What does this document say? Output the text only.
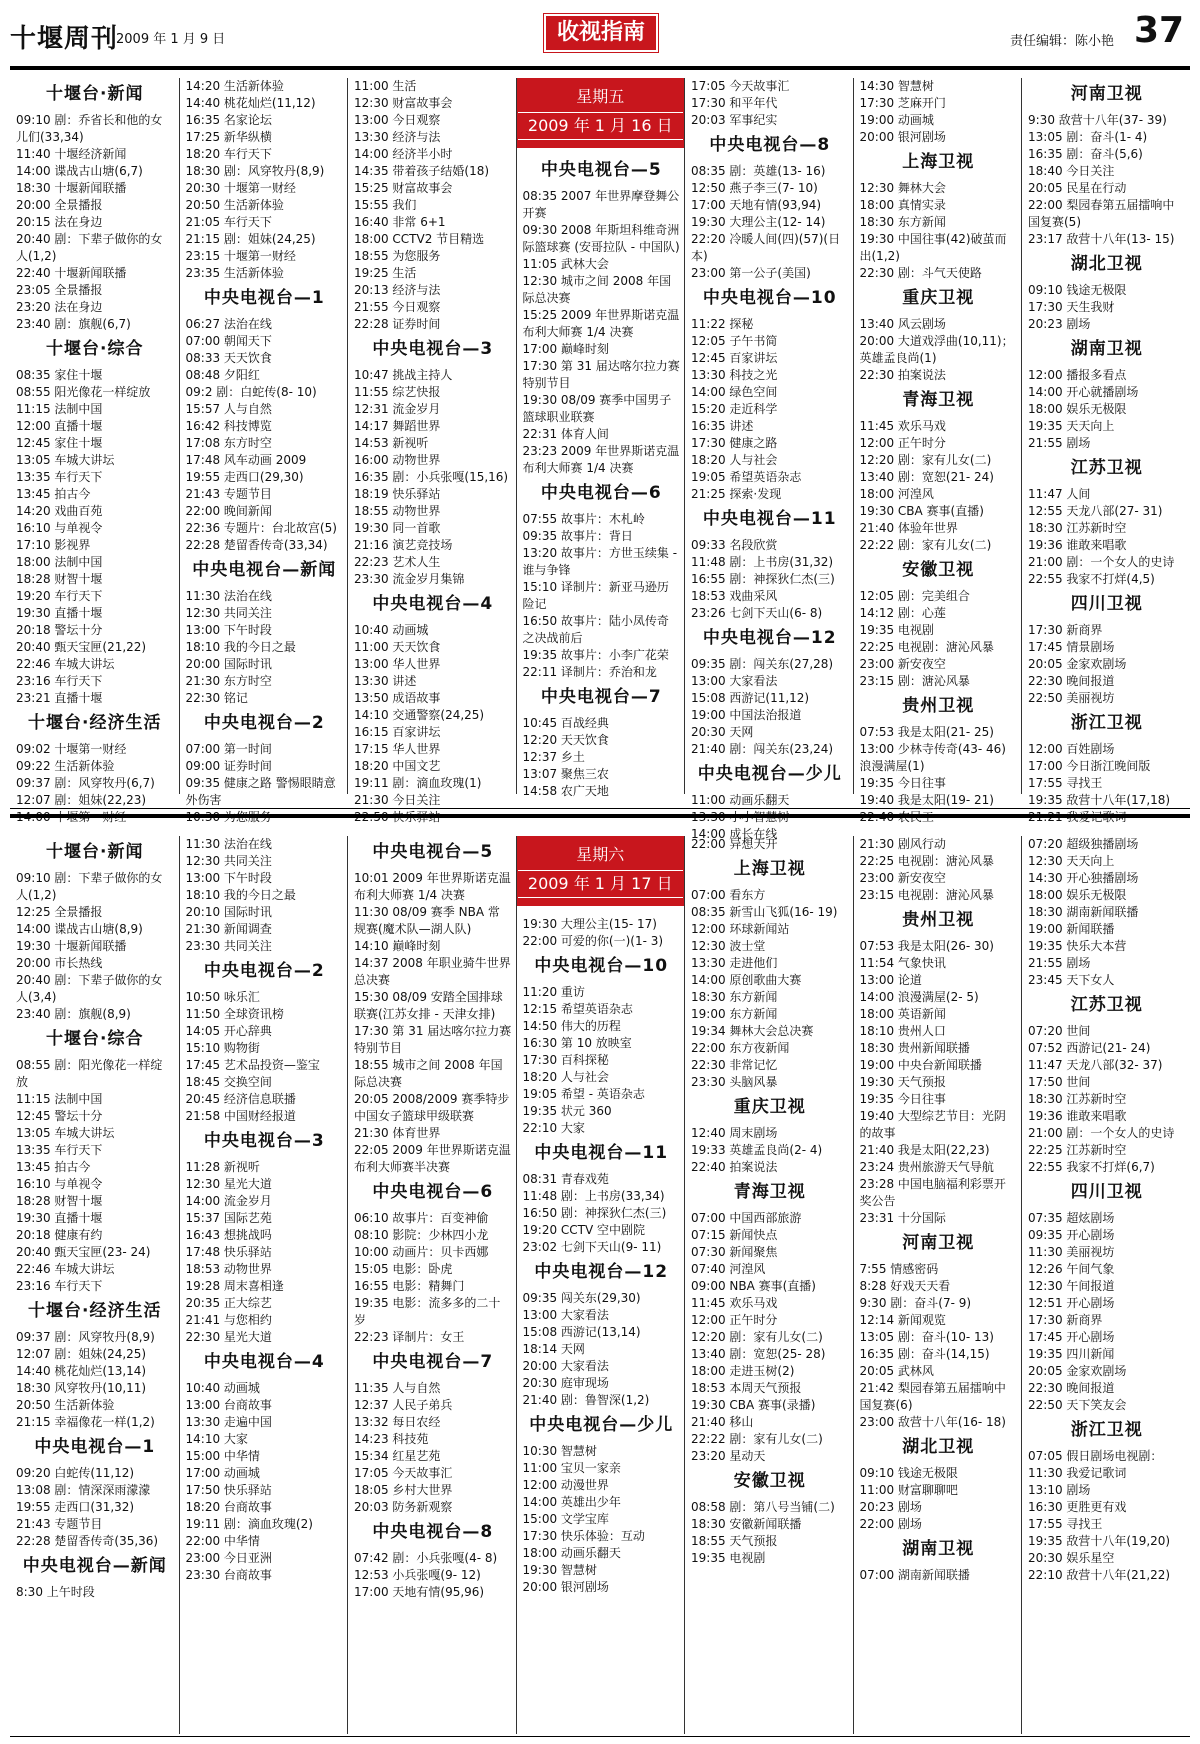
十堰周刊
2009 年 1 月 9 日	收视指南	责任编辑：陈小艳 37
十堰台·新闻
09:10 剧：乔省长和他的女儿们(33,34)
11:40 十堰经济新闻
14:00 谍战古山塘(6,7)
18:30 十堰新闻联播
20:00 全景播报
20:15 法在身边
20:40 剧：下辈子做你的女人(1,2)
22:40 十堰新闻联播
23:05 全景播报
23:20 法在身边
23:40 剧：旗舰(6,7)
十堰台·综合
08:35 家住十堰
08:55 阳光像花一样绽放
11:15 法制中国
12:00 直播十堰
12:45 家住十堰
13:05 车城大讲坛
13:35 车行天下
13:45 拍古今
14:20 戏曲百苑
16:10 与单视令
17:10 影视界
18:00 法制中国
18:28 财智十堰
19:20 车行天下
19:30 直播十堰
20:18 警坛十分
20:40 甄天宝匣(21,22)
22:46 车城大讲坛
23:16 车行天下
23:21 直播十堰
十堰台·经济生活
09:02 十堰第一财经
09:22 生活新体验
09:37 剧：风穿牧丹(6,7)
12:07 剧：姐妹(22,23)
14:20 生活新体验
14:40 桃花灿烂(11,12)
16:35 名家论坛
17:25 新华纵横
18:20 车行天下
18:30 剧：风穿牧丹(8,9)
20:30 十堰第一财经
20:50 生活新体验
21:05 车行天下
21:15 剧：姐妹(24,25)
23:15 十堰第一财经
23:35 生活新体验
中央电视台—1
06:27 法治在线
07:00 朝闻天下
08:33 天天饮食
08:48 夕阳红
09:2 剧：白蛇传(8- 10)
15:57 人与自然
16:42 科技博览
17:08 东方时空
17:48 风车动画 2009
19:55 走西口(29,30)
21:43 专题节目
22:00 晚间新闻
22:36 专题片：台北故宫(5)
22:28 楚留香传奇(33,34)
中央电视台—新闻
11:30 法治在线
12:30 共同关注
13:00 下午时段
18:10 我的今日之最
20:00 国际时讯
21:30 东方时空
22:30 铭记
中央电视台—2
07:00 第一时间
09:00 证券时间
09:35 健康之路 警惕眼睛意外伤害
11:00 生活
12:30 财富故事会
13:00 今日观察
13:30 经济与法
14:00 经济半小时
14:35 带着孩子结婚(18)
15:25 财富故事会
15:55 我们
16:40 非常 6+1
18:00 CCTV2 节目精选
18:55 为您服务
19:25 生活
20:13 经济与法
21:55 今日观察
22:28 证券时间
中央电视台—3
10:47 挑战主持人
11:55 综艺快报
12:31 流金岁月
14:17 舞蹈世界
14:53 新视听
16:00 动物世界
16:35 剧：小兵张嘎(15,16)
18:19 快乐驿站
18:55 动物世界
19:30 同一首歌
21:16 演艺竞技场
22:23 艺术人生
23:30 流金岁月集锦
中央电视台—4
10:40 动画城
11:00 天天饮食
13:00 华人世界
13:30 讲述
13:50 成语故事
14:10 交通警察(24,25)
16:15 百家讲坛
17:15 华人世界
18:20 中国文艺
19:11 剧：滴血玫瑰(1)
21:30 今日关注
星期五
2009 年 1 月 16 日
中央电视台—5
08:35 2007 年世界摩登舞公开赛
09:30 2008 年斯坦科维奇洲际篮球赛 (安哥拉队 - 中国队)
11:05 武林大会
12:30 城市之间 2008 年国际总决赛
15:25 2009 年世界斯诺克温布利大师赛 1/4 决赛
17:00 巅峰时刻
17:30 第 31 届达喀尔拉力赛特别节目
19:30 08/09 赛季中国男子篮球职业联赛
22:31 体育人间
23:23 2009 年世界斯诺克温布利大师赛 1/4 决赛
中央电视台—6
07:55 故事片：木札岭
09:35 故事片：背日
13:20 故事片：方世玉续集 - 谁与争锋
15:10 译制片：新亚马逊历险记
16:50 故事片：陆小凤传奇之决战前后
19:35 故事片：小李广花荣
22:11 译制片：乔治和龙
中央电视台—7
10:45 百战经典
12:20 天天饮食
12:37 乡土
13:07 聚焦三农
14:58 农广天地
17:05 今天故事汇
17:30 和平年代
20:03 军事纪实
中央电视台—8
08:35 剧：英雄(13- 16)
12:50 燕子李三(7- 10)
17:00 天地有情(93,94)
19:30 大理公主(12- 14)
22:20 冷暖人间(四)(57)(日本)
23:00 第一公子(美国)
中央电视台—10
11:22 探秘
12:05 子午书简
12:45 百家讲坛
13:30 科技之光
14:00 绿色空间
15:20 走近科学
16:35 讲述
17:30 健康之路
18:20 人与社会
19:05 希望英语杂志
21:25 探索·发现
中央电视台—11
09:33 名段欣赏
11:48 剧：上书房(31,32)
16:55 剧：神探狄仁杰(三)
18:53 戏曲采风
23:26 七剑下天山(6- 8)
中央电视台—12
09:35 剧：闯关东(27,28)
13:00 大家看法
15:08 西游记(11,12)
19:00 中国法治报道
20:30 天网
21:40 剧：闯关东(23,24)
中央电视台—少儿
11:00 动画乐翻天
14:00 成长在线
14:30 智慧树
17:30 芝麻开门
19:00 动画城
20:00 银河剧场
上海卫视
12:30 舞林大会
18:00 真情实录
18:30 东方新闻
19:30 中国往事(42)破茧而出(1,2)
22:30 剧：斗气天使路
重庆卫视
13:40 风云剧场
20:00 大道戏浮曲(10,11)；英雄孟良尚(1)
22:30 拍案说法
青海卫视
11:45 欢乐马戏
12:00 正午时分
12:20 剧：家有儿女(二)
13:40 剧：宽恕(21- 24)
18:00 河湟风
19:30 CBA 赛事(直播)
21:40 体验年世界
22:22 剧：家有儿女(二)
安徽卫视
12:05 剧：完美组合
14:12 剧：心莲
19:35 电视剧
22:25 电视剧：溏沁风暴
23:00 新安夜空
23:15 剧：溏沁风暴
贵州卫视
07:53 我是太阳(21- 25)
13:00 少林寺传奇(43- 46)浪漫满屋(1)
19:35 今日往事
19:40 我是太阳(19- 21)
河南卫视
9:30 敌营十八年(37- 39)
13:05 剧：奋斗(1- 4)
16:35 剧：奋斗(5,6)
18:40 今日关注
20:05 民星在行动
22:00 梨园春第五届擂响中国复赛(5)
23:17 敌营十八年(13- 15)
湖北卫视
09:10 钱途无极限
17:30 天生我财
20:23 剧场
湖南卫视
12:00 播报多看点
14:00 开心就播剧场
18:00 娱乐无极限
19:35 天天向上
21:55 剧场
江苏卫视
11:47 人间
12:55 天龙八部(27- 31)
18:30 江苏新时空
19:36 谁敢来唱歌
21:00 剧：一个女人的史诗
22:55 我家不打烊(4,5)
四川卫视
17:30 新商界
17:45 情景剧场
20:05 金家欢剧场
22:30 晚间报道
22:50 美丽视坊
浙江卫视
12:00 百姓剧场
17:00 今日浙江晚间版
17:55 寻找王
19:35 敌营十八年(17,18)
十堰台·新闻
09:10 剧：下辈子做你的女人(1,2)
12:25 全景播报
14:00 谍战古山塘(8,9)
19:30 十堰新闻联播
20:00 市长热线
20:40 剧：下辈子做你的女人(3,4)
23:40 剧：旗舰(8,9)
十堰台·综合
08:55 剧：阳光像花一样绽放
11:15 法制中国
12:45 警坛十分
13:05 车城大讲坛
13:35 车行天下
13:45 拍古今
16:10 与单视令
18:28 财智十堰
19:30 直播十堰
20:18 健康有约
20:40 甄天宝匣(23- 24)
22:46 车城大讲坛
23:16 车行天下
十堰台·经济生活
09:37 剧：风穿牧丹(8,9)
12:07 剧：姐妹(24,25)
14:40 桃花灿烂(13,14)
18:30 风穿牧丹(10,11)
20:50 生活新体验
21:15 幸福像花一样(1,2)
中央电视台—1
09:20 白蛇传(11,12)
13:08 剧：情深深雨濛濛
19:55 走西口(31,32)
21:43 专题节目
22:28 楚留香传奇(35,36)
中央电视台—新闻
8:30 上午时段
11:30 法治在线
12:30 共同关注
13:00 下午时段
18:10 我的今日之最
20:10 国际时讯
21:30 新闻调查
23:30 共同关注
中央电视台—2
10:50 咏乐汇
11:50 全球资讯榜
14:05 开心辞典
15:10 购物街
17:45 艺术品投资—鉴宝
18:45 交换空间
20:45 经济信息联播
21:58 中国财经报道
中央电视台—3
11:28 新视听
12:30 星光大道
14:00 流金岁月
15:37 国际艺苑
16:43 想挑战吗
17:48 快乐驿站
18:53 动物世界
19:28 周末喜相逢
20:35 正大综艺
21:41 与您相约
22:30 星光大道
中央电视台—4
10:40 动画城
13:00 台商故事
13:30 走遍中国
14:10 大家
15:00 中华情
17:00 动画城
17:50 快乐驿站
18:20 台商故事
19:11 剧：滴血玫瑰(2)
22:00 中华情
23:00 今日亚洲
23:30 台商故事
中央电视台—5
10:01 2009 年世界斯诺克温布利大师赛 1/4 决赛
11:30 08/09 赛季 NBA 常规赛(魔术队—湖人队)
14:10 巅峰时刻
14:37 2008 年职业骑牛世界总决赛
15:30 08/09 安踏全国排球联赛(江苏女排 - 天津女排)
17:30 第 31 届达喀尔拉力赛特别节目
18:55 城市之间 2008 年国际总决赛
20:05 2008/2009 赛季特步中国女子篮球甲级联赛
21:30 体育世界
22:05 2009 年世界斯诺克温布利大师赛半决赛
中央电视台—6
06:10 故事片：百变神偷
08:10 影院：少林四小龙
10:00 动画片：贝卡西娜
15:05 电影：卧虎
16:55 电影：精舞门
19:35 电影：流多多的二十岁
22:23 译制片：女王
中央电视台—7
11:35 人与自然
12:37 人民子弟兵
13:32 每日农经
14:23 科技苑
15:34 红星艺苑
17:05 今天故事汇
18:05 乡村大世界
20:03 防务新观察
中央电视台—8
07:42 剧：小兵张嘎(4- 8)
12:53 小兵张嘎(9- 12)
17:00 天地有情(95,96)
星期六
2009 年 1 月 17 日
19:30 大理公主(15- 17)
22:00 可爱的你(一)(1- 3)
中央电视台—10
11:20 重访
12:15 希望英语杂志
14:50 伟大的历程
16:30 第 10 放映室
17:30 百科探秘
18:20 人与社会
19:05 希望 - 英语杂志
19:35 状元 360
22:10 大家
中央电视台—11
08:31 青春戏苑
11:48 剧：上书房(33,34)
16:50 剧：神探狄仁杰(三)
19:20 CCTV 空中剧院
23:02 七剑下天山(9- 11)
中央电视台—12
09:35 闯关东(29,30)
13:00 大家看法
15:08 西游记(13,14)
18:14 天网
20:00 大家看法
20:30 庭审现场
21:40 剧：鲁智深(1,2)
中央电视台—少儿
10:30 智慧树
11:00 宝贝一家亲
12:00 动漫世界
14:00 英雄出少年
15:00 文学宝库
17:30 快乐体验：互动
18:00 动画乐翻天
19:30 智慧树
20:00 银河剧场
22:00 异想天开
上海卫视
07:00 看东方
08:35 新雪山飞狐(16- 19)
12:00 环球新闻站
12:30 波士堂
13:30 走进他们
14:00 原创歌曲大赛
18:30 东方新闻
19:00 东方新闻
19:34 舞林大会总决赛
22:00 东方夜新闻
22:30 非常记忆
23:30 头脑风暴
重庆卫视
12:40 周末剧场
19:33 英雄孟良尚(2- 4)
22:40 拍案说法
青海卫视
07:00 中国西部旅游
07:15 新闻快点
07:30 新闻聚焦
07:40 河湟风
09:00 NBA 赛事(直播)
11:45 欢乐马戏
12:00 正午时分
12:20 剧：家有儿女(二)
13:40 剧：宽恕(25- 28)
18:00 走进玉树(2)
18:53 本周天气预报
19:30 CBA 赛事(录播)
21:40 移山
22:22 剧：家有儿女(二)
23:20 星动天
安徽卫视
08:58 剧：第八号当铺(二)
18:30 安徽新闻联播
18:55 天气预报
19:35 电视剧
21:30 剧风行动
22:25 电视剧：溏沁风暴
23:00 新安夜空
23:15 电视剧：溏沁风暴
贵州卫视
07:53 我是太阳(26- 30)
11:54 气象快讯
13:00 论道
14:00 浪漫满屋(2- 5)
18:00 英语新闻
18:10 贵州人口
18:30 贵州新闻联播
19:00 中央台新闻联播
19:30 天气预报
19:35 今日往事
19:40 大型综艺节目：光阴的故事
21:40 我是太阳(22,23)
23:24 贵州旅游天气导航
23:28 中国电脑福利彩票开奖公告
23:31 十分国际
河南卫视
7:55 情感密码
8:28 好戏天天看
9:30 剧：奋斗(7- 9)
12:14 新闻观览
13:05 剧：奋斗(10- 13)
16:35 剧：奋斗(14,15)
20:05 武林风
21:42 梨园春第五届擂响中国复赛(6)
23:00 敌营十八年(16- 18)
湖北卫视
09:10 钱途无极限
11:00 财富聊聊吧
20:23 剧场
22:00 剧场
湖南卫视
07:00 湖南新闻联播
07:20 超级独播剧场
12:30 天天向上
14:30 开心独播剧场
18:00 娱乐无极限
18:30 湖南新闻联播
19:00 新闻联播
19:35 快乐大本营
21:55 剧场
23:45 天下女人
江苏卫视
07:20 世间
07:52 西游记(21- 24)
11:47 天龙八部(32- 37)
17:50 世间
18:30 江苏新时空
19:36 谁敢来唱歌
21:00 剧：一个女人的史诗
22:25 江苏新时空
22:55 我家不打烊(6,7)
四川卫视
07:35 超炫剧场
09:35 开心剧场
11:30 美丽视坊
12:26 午间气象
12:30 午间报道
12:51 开心剧场
17:30 新商界
17:45 开心剧场
19:35 四川新闻
20:05 金家欢剧场
22:30 晚间报道
22:50 天下笑友会
浙江卫视
07:05 假日剧场电视剧：
11:30 我爱记歌词
13:10 剧场
16:30 更胜更有戏
17:55 寻找王
19:35 敌营十八年(19,20)
20:30 娱乐星空
22:10 敌营十八年(21,22)
